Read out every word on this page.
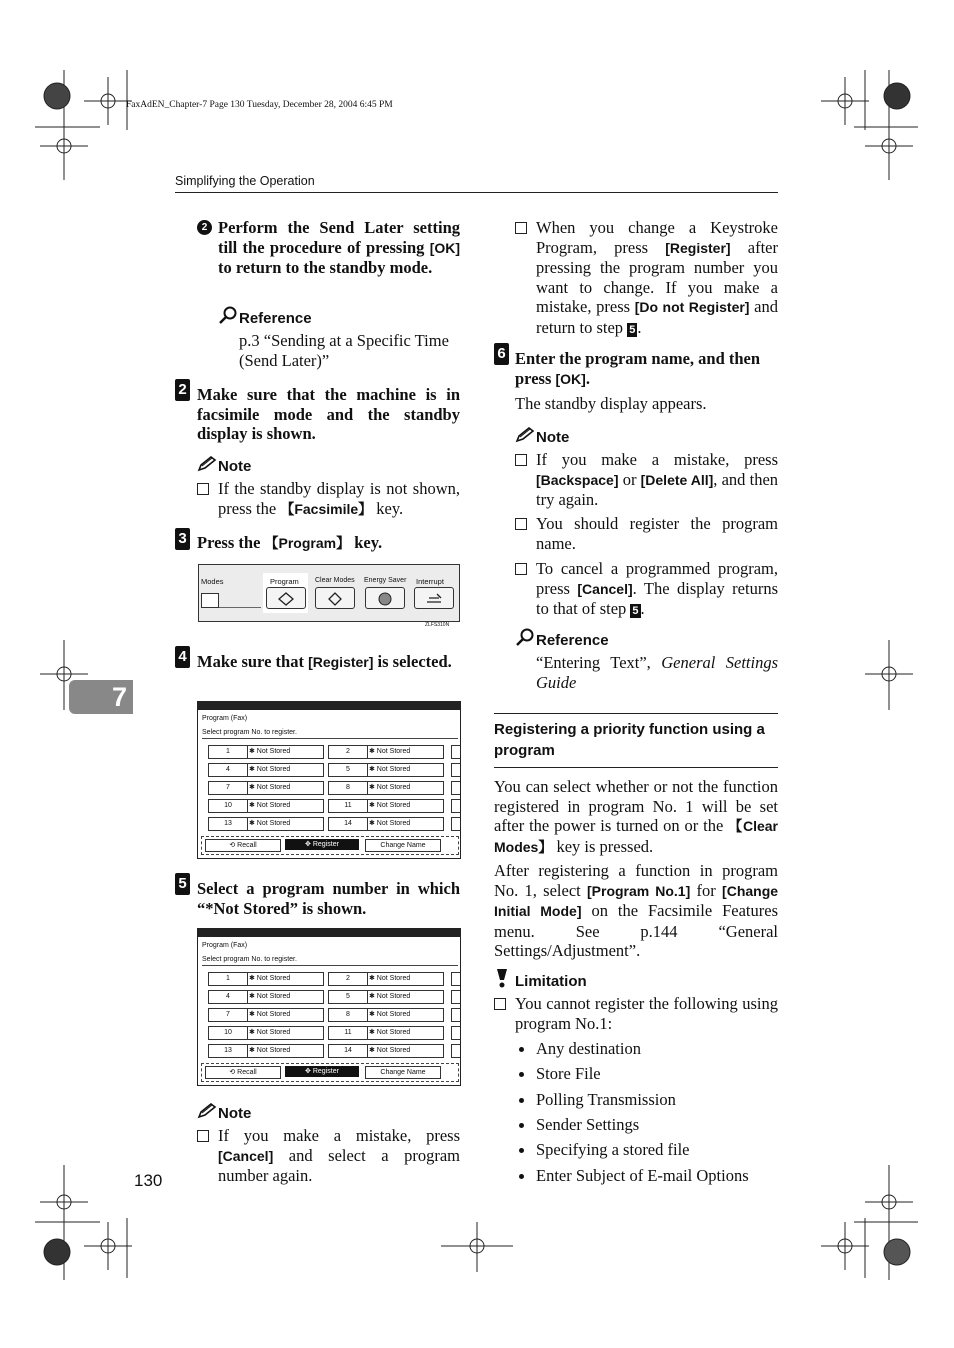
FaxAdEN_Chapter-7 Page 130 Tuesday, December 28, 2004 6:45 PM
Simplifying the Operation
7
130
2 Perform the Send Later setting till the procedure of pressing [OK] to return to the standby mode.
Reference
p.3 “Sending at a Specific Time (Send Later)”
2 Make sure that the machine is in facsimile mode and the standby display is shown.
Note
If the standby display is not shown, press the 【Facsimile】 key.
3 Press the 【Program】 key.
Modes	Program Clear Modes Energy Saver Interrupt
ZLFS310N
4 Make sure that [Register] is selected.
Program (Fax)
Select program No. to register.
1	✱ Not Stored	2	✱ Not Stored
4	✱ Not Stored	5	✱ Not Stored
7	✱ Not Stored	8	✱ Not Stored
10	✱ Not Stored	11	✱ Not Stored
13	✱ Not Stored	14	✱ Not Stored
⟲ Recall	✥ Register	Change Name
5 Select a program number in which “*Not Stored” is shown.
Program (Fax)
Select program No. to register.
1	✱ Not Stored	2	✱ Not Stored
4	✱ Not Stored	5	✱ Not Stored
7	✱ Not Stored	8	✱ Not Stored
10	✱ Not Stored	11	✱ Not Stored
13	✱ Not Stored	14	✱ Not Stored
⟲ Recall	✥ Register	Change Name
Note
If you make a mistake, press [Cancel] and select a program number again.
When you change a Keystroke Program, press [Register] after pressing the program number you want to change. If you make a mistake, press [Do not Register] and return to step 5 .
6 Enter the program name, and then press [OK].
The standby display appears.
Note
If you make a mistake, press [Backspace] or [Delete All], and then try again.
You should register the program name.
To cancel a programmed program, press [Cancel]. The display returns to that of step 5 .
Reference
“Entering Text”, General Settings Guide
Registering a priority function using a program
You can select whether or not the function registered in program No. 1 will be set after the power is turned on or the 【Clear Modes】 key is pressed.
After registering a function in program No. 1, select [Program No.1] for [Change Initial Mode] on the Facsimile Features menu. See p.144 “General Settings/Adjustment”.
Limitation
You cannot register the following using program No.1:
Any destination
Store File
Polling Transmission
Sender Settings
Specifying a stored file
Enter Subject of E-mail Options
